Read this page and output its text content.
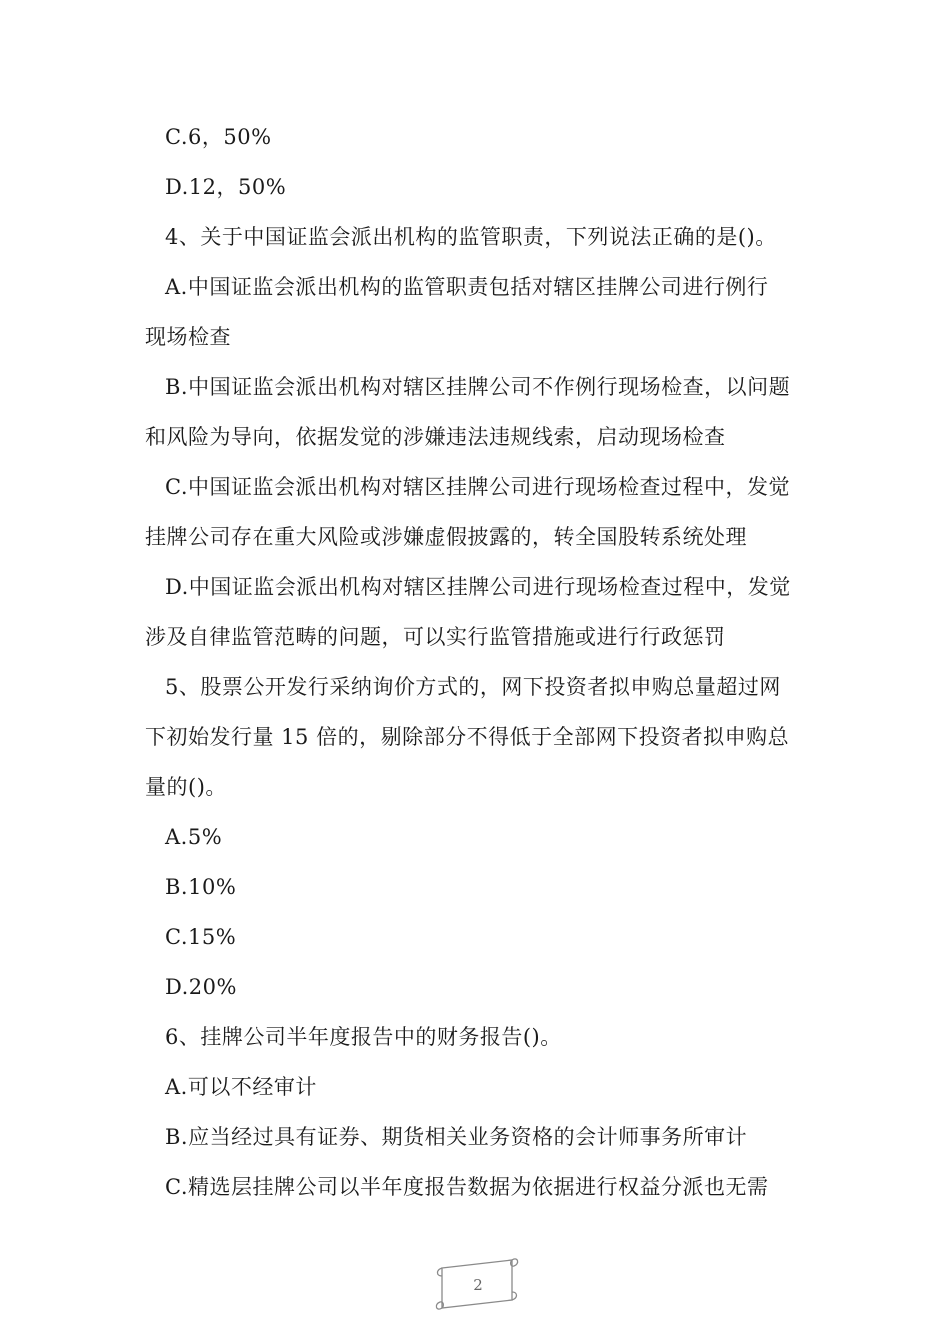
C.6，50%
D.12，50%
4、关于中国证监会派出机构的监管职责，下列说法正确的是()。
A.中国证监会派出机构的监管职责包括对辖区挂牌公司进行例行
现场检查
B.中国证监会派出机构对辖区挂牌公司不作例行现场检查，以问题
和风险为导向，依据发觉的涉嫌违法违规线索，启动现场检查
C.中国证监会派出机构对辖区挂牌公司进行现场检查过程中，发觉
挂牌公司存在重大风险或涉嫌虚假披露的，转全国股转系统处理
D.中国证监会派出机构对辖区挂牌公司进行现场检查过程中，发觉
涉及自律监管范畴的问题，可以实行监管措施或进行行政惩罚
5、股票公开发行采纳询价方式的，网下投资者拟申购总量超过网
下初始发行量 15 倍的，剔除部分不得低于全部网下投资者拟申购总
量的()。
A.5%
B.10%
C.15%
D.20%
6、挂牌公司半年度报告中的财务报告()。
A.可以不经审计
B.应当经过具有证券、期货相关业务资格的会计师事务所审计
C.精选层挂牌公司以半年度报告数据为依据进行权益分派也无需
2
